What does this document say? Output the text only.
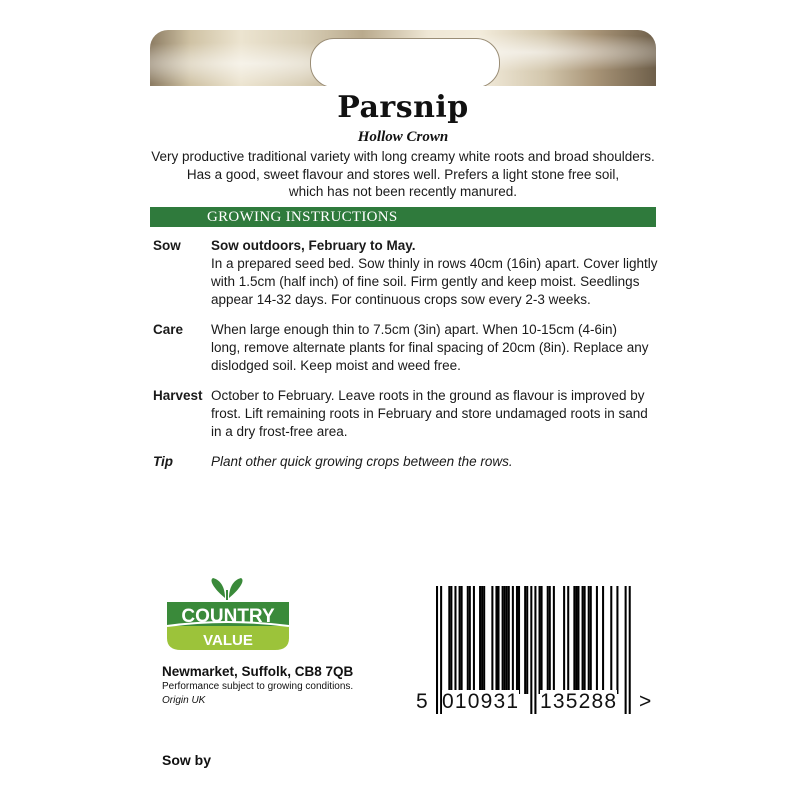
Parsnip
Hollow Crown
Very productive traditional variety with long creamy white roots and broad shoulders.
Has a good, sweet flavour and stores well. Prefers a light stone free soil,
which has not been recently manured.
GROWING INSTRUCTIONS
Sow Sow outdoors, February to May.
In a prepared seed bed. Sow thinly in rows 40cm (16in) apart. Cover lightly
with 1.5cm (half inch) of fine soil. Firm gently and keep moist. Seedlings
appear 14-32 days. For continuous crops sow every 2-3 weeks.
Care When large enough thin to 7.5cm (3in) apart. When 10-15cm (4-6in)
long, remove alternate plants for final spacing of 20cm (8in). Replace any
dislodged soil. Keep moist and weed free.
Harvest October to February. Leave roots in the ground as flavour is improved by
frost. Lift remaining roots in February and store undamaged roots in sand
in a dry frost-free area.
Tip	Plant other quick growing crops between the rows.
COUNTRY
VALUE
Newmarket, Suffolk, CB8 7QB
Performance subject to growing conditions.
Origin UK
Sow by
5 010931 135288 >
